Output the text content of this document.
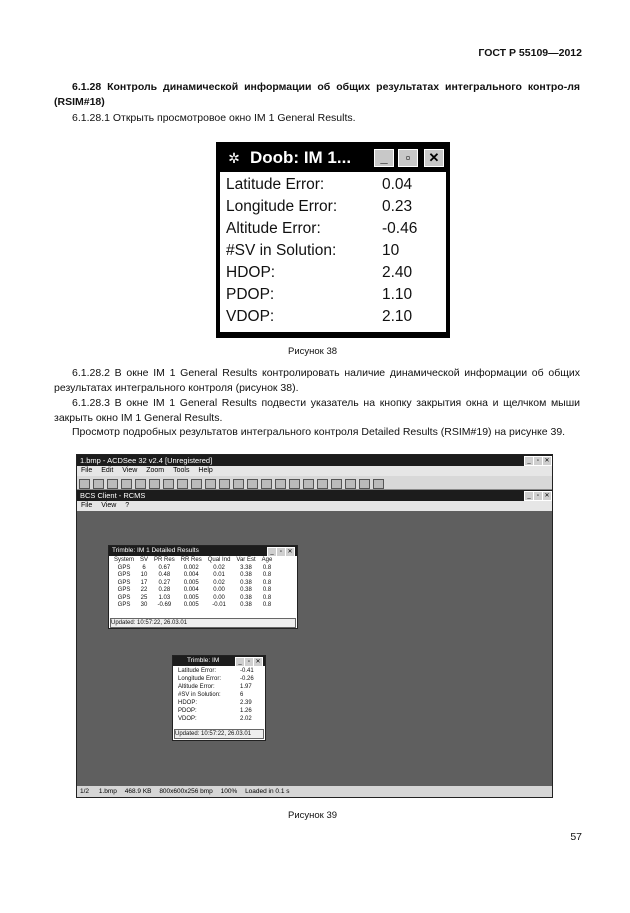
ГОСТ Р 55109—2012
6.1.28 Контроль динамической информации об общих результатах интегрального контро-ля (RSIM#18)
6.1.28.1 Открыть просмотровое окно IM 1 General Results.
✲ Doob: IM 1...	_	▫	✕
Latitude Error:	0.04
Longitude Error:	0.23
Altitude Error:	-0.46
#SV in Solution:	10
HDOP:	2.40
PDOP:	1.10
VDOP:	2.10
Рисунок 38
6.1.28.2 В окне IM 1 General Results контролировать наличие динамической информации об общих результатах интегрального контроля (рисунок 38).
6.1.28.3 В окне IM 1 General Results подвести указатель на кнопку закрытия окна и щелчком мыши закрыть окно IM 1 General Results.
Просмотр подробных результатов интегрального контроля Detailed Results (RSIM#19) на рисунке 39.
1.bmp - ACDSee 32 v2.4 [Unregistered]	_	▫ ✕
File Edit View Zoom Tools Help
BCS Client - RCMS	_	▫ ✕
File View ?
1/2 1.bmp 468.9 KB 800x600x256 bmp 100% Loaded in 0.1 s
Trimble: IM 1 Detailed Results	_	▫ ✕
System	SV	PR Res	RR Res	Qual Ind	Var Est	Age
GPS	6	0.67	0.002	0.02	3.38	0.8
GPS	10	0.48	0.004	0.01	0.38	0.8
GPS	17	0.27	0.005	0.02	0.38	0.8
GPS	22	0.28	0.004	0.00	0.38	0.8
GPS	25	1.03	0.005	0.00	0.38	0.8
GPS	30	-0.69	0.005	-0.01	0.38	0.8
Updated: 10:57:22, 26.03.01
Trimble: IM	_	▫ ✕
Latitude Error:	-0.41
Longitude Error:	-0.26
Altitude Error:	1.97
#SV in Solution:	6
HDOP:	2.39
PDOP:	1.26
VDOP:	2.02
Updated: 10:57:22, 26.03.01
Рисунок 39
57
